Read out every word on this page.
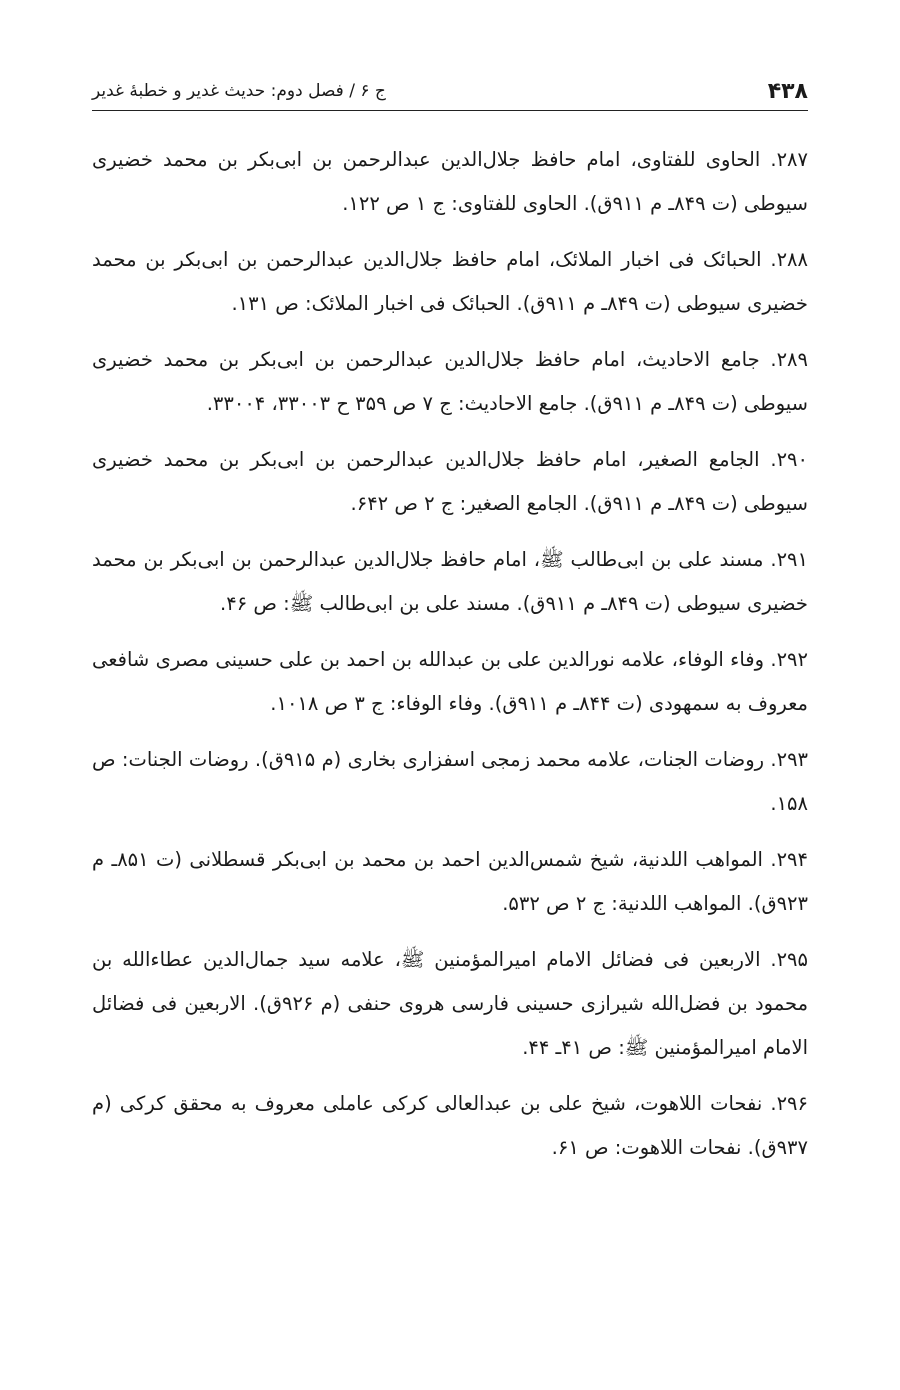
۴۳۸
ج ۶ / فصل دوم: حدیث غدیر و خطبهٔ غدیر

۲۸۷. الحاوی للفتاوی، امام حافظ جلال‌الدین عبدالرحمن بن ابی‌بکر بن محمد خضیری سیوطی (ت ۸۴۹ـ م ۹۱۱ق). الحاوی للفتاوی: ج ۱ ص ۱۲۲.

۲۸۸. الحبائک فی اخبار الملائک، امام حافظ جلال‌الدین عبدالرحمن بن ابی‌بکر بن محمد خضیری سیوطی (ت ۸۴۹ـ م ۹۱۱ق). الحبائک فی اخبار الملائک: ص ۱۳۱.

۲۸۹. جامع الاحادیث، امام حافظ جلال‌الدین عبدالرحمن بن ابی‌بکر بن محمد خضیری سیوطی (ت ۸۴۹ـ م ۹۱۱ق). جامع الاحادیث: ج ۷ ص ۳۵۹ ح ۳۳۰۰۳، ۳۳۰۰۴.

۲۹۰. الجامع الصغیر، امام حافظ جلال‌الدین عبدالرحمن بن ابی‌بکر بن محمد خضیری سیوطی (ت ۸۴۹ـ م ۹۱۱ق). الجامع الصغیر: ج ۲ ص ۶۴۲.

۲۹۱. مسند علی بن ابی‌طالب ﷺ، امام حافظ جلال‌الدین عبدالرحمن بن ابی‌بکر بن محمد خضیری سیوطی (ت ۸۴۹ـ م ۹۱۱ق). مسند علی بن ابی‌طالب ﷺ: ص ۴۶.

۲۹۲. وفاء الوفاء، علامه نورالدین علی بن عبدالله بن احمد بن علی حسینی مصری شافعی معروف به سمهودی (ت ۸۴۴ـ م ۹۱۱ق). وفاء الوفاء: ج ۳ ص ۱۰۱۸.

۲۹۳. روضات الجنات، علامه محمد زمجی اسفزاری بخاری (م ۹۱۵ق). روضات الجنات: ص ۱۵۸.

۲۹۴. المواهب اللدنیة، شیخ شمس‌الدین احمد بن محمد بن ابی‌بکر قسطلانی (ت ۸۵۱ـ م ۹۲۳ق). المواهب اللدنیة: ج ۲ ص ۵۳۲.

۲۹۵. الاربعین فی فضائل الامام امیرالمؤمنین ﷺ، علامه سید جمال‌الدین عطاءالله بن محمود بن فضل‌الله شیرازی حسینی فارسی هروی حنفی (م ۹۲۶ق). الاربعین فی فضائل الامام امیرالمؤمنین ﷺ: ص ۴۱ـ ۴۴.

۲۹۶. نفحات اللاهوت، شیخ علی بن عبدالعالی کرکی عاملی معروف به محقق کرکی (م ۹۳۷ق). نفحات اللاهوت: ص ۶۱.
